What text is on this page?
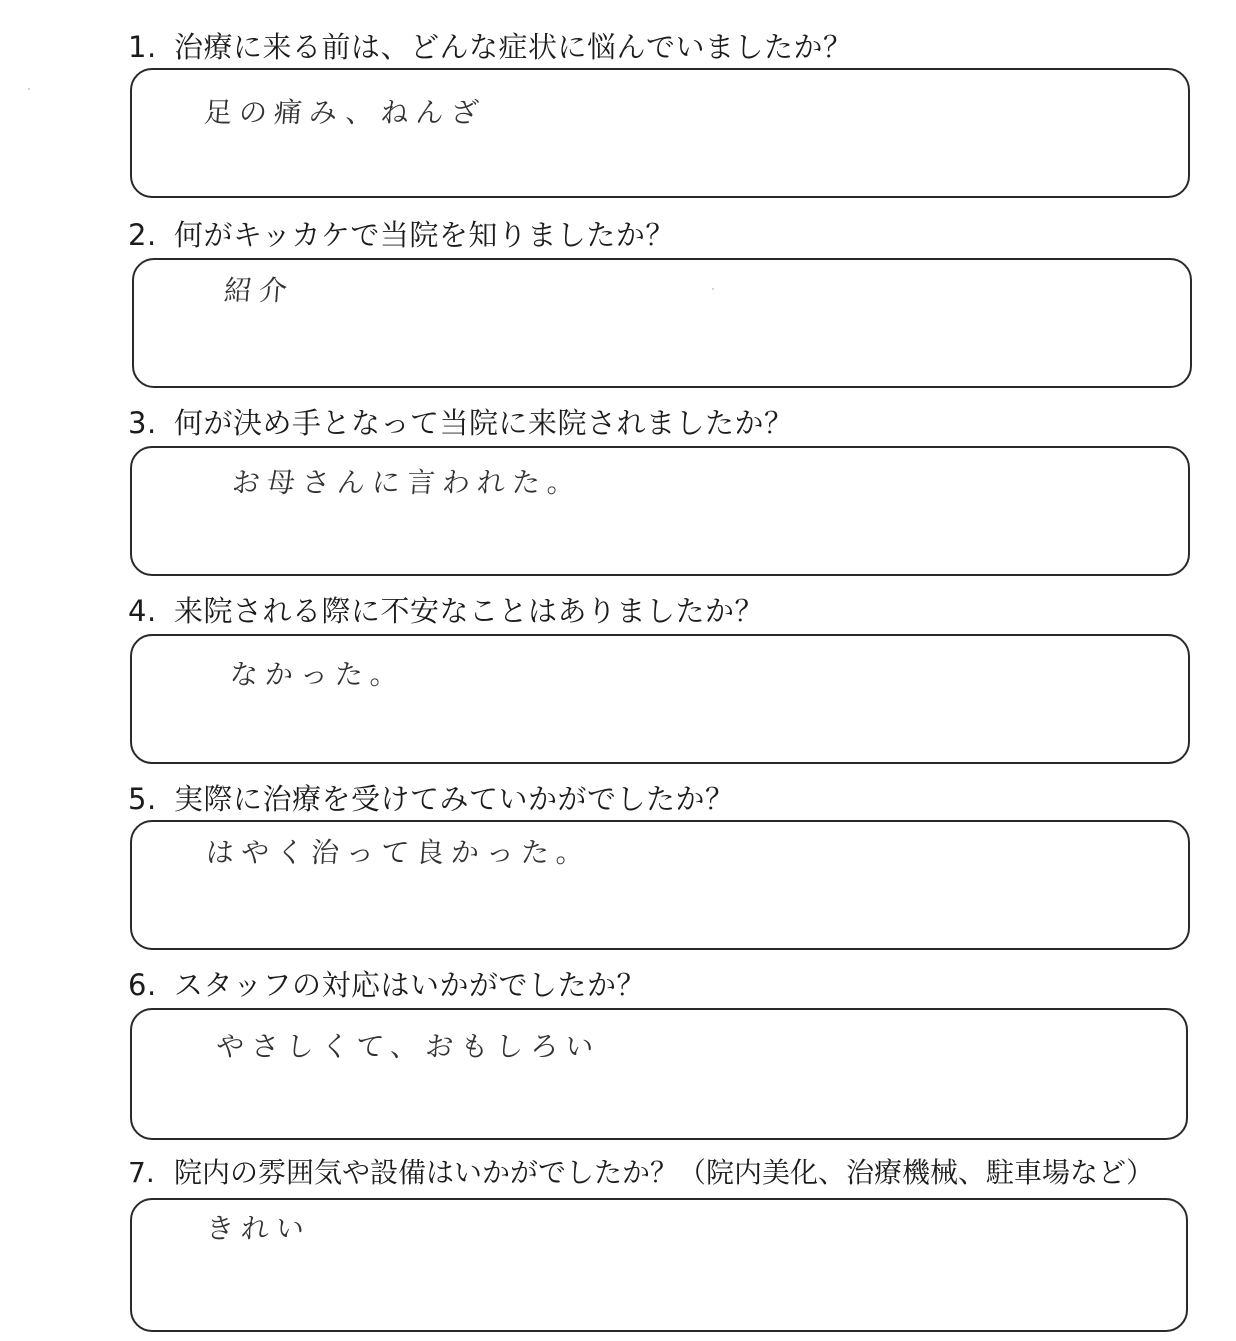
1. 治療に来る前は、どんな症状に悩んでいましたか？
足の痛み、ねんざ
2. 何がキッカケで当院を知りましたか？
紹介
3. 何が決め手となって当院に来院されましたか？
お母さんに言われた。
4. 来院される際に不安なことはありましたか？
なかった。
5. 実際に治療を受けてみていかがでしたか？
はやく治って良かった。
6. スタッフの対応はいかがでしたか？
やさしくて、おもしろい
7. 院内の雰囲気や設備はいかがでしたか？（院内美化、治療機械、駐車場など）
きれい
